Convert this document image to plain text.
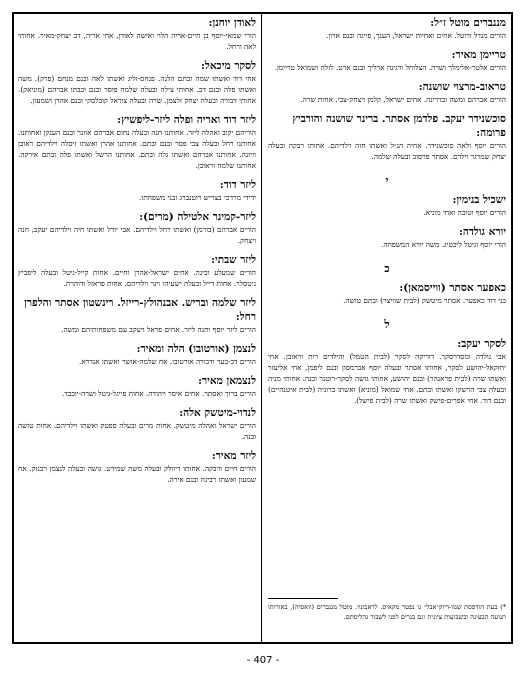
מננברים מוטל ז״ל:

הורים מנדל ורוטל. אחים ואחיות ישראל, הענך, פייגה ובנם ארון.

טריימן מאיר:

הורים אלטר-אלימלך ושרה. הצלוחל ורגינה ארליך ובנם ארט. לזלה ושמואל טריימן.

טראוב-מרצוי שושנה:

הורים אברהם ומשה ובדרינה. אחים ישראל, קלמן ויצחק-צבי. אחות שרה.

סוכשנידר יעקב. פלדמן אסתר. ברינר שושנה והורביץ פרומה:

הורים יוסף ולאה סוכשנידר. אחיה הנ״ל ואשתו חוה וילדיהם. אחותו רבקה ובעלה יצחק שמרגר וילדם. אסתר פרסוב ובעלה שלמה.

י

ישכיל בנימין:

הורים יוסף וטובה ואחי מוניא.

יורא גולדה:

הורי יוסף וגיטל ליכטיג. משה יורא המשפחה.

כ

כאפער אסתר (ווייסמאן):

בני דוד כאפער. אסתר מיטשק (לבית שוויצר) ובתם טושה.

ל

לסקר יעקב:

אבי גולדה ומסדרסקר. דוריקה לסקר (לבית הטמל) והילדים רות וראובן. אחי יחזקאל-יהושע לסקר, אחותו אסתר ובעלה יוסף אברמסון ובנם ליפמן, אחי אליעזר ואשתו שרה (לבית פראנהר) ובנם יהושע, אחותי גושה לסקר-רוטנר ובנה. אחותי מניה ובעלה צבי הרשקו ואשתו ובתם. אחי שמואל (מוניא) ואשתו ברוניה (לבית איטנהיים) ובנם דוד. אחי אפרים-פישק ואשתו שרה (לבית פישל).

לאודן יוחנן:

הורי שמאי-יוסף בן חיים-אריה הלוי ואישה לאודן, אחי אריה, דב יצחק-מאיר. אחותי לאה ורחל.

לסקר מיכאל:

אחי דוד ואשתו שמה ובתם הלנה. פנחס-זליג ואשתו לאה ובנם מנחם (פרק). משה ואשתו פלה ובנם דב. אחותי צילה ובעלה שלמה פוסר ובנם ובבתו אברהם (מוניאק). אחותי דבורה ובעלה יצחק זלצמן. שרה ובעלה צוראל קובלסקי ובנם אהרן ושמעון.

ליזר דוד ואריה ופלה ליזר-ליפשיץ:

הוריהם יקוב ואהלה ליזר. אחותנו חנה ובעלה נחום אברהם אוזנר ובנם הענקן ואחותנו. אחותנו רחל ובעלה צבי פסר ובנם ובתם. אחותנו אהרן ואשתו זיסלה וילדיהם ראובן וזיזנה. אחותנו אברהם ואשתו גלה ובתם. אחותנו הרשל ואשתו פלה ובתם אירקה. אחותנו שלמה וראובן.

ליזר דוד:

ידידי מרדכי בצריש רוטנברג ובני משפחתו.

ליזר-קמינר אלטילה (מרים):

הורים אברהם (בורמן) ואשתו רחל וילדיהם. אבי יודל ואשתו חיה וילדיהם יעקב, חנה ויצחק.

ליזר שבתי:

הורים שמעלע ובינה. אחים ישראל-אהרן וחיים. אחות קייל-גיטל ובעלה ליפביץ ניטסלר. אחות דייל ובעלה ישעיהו וינר וילדיהם. אחות פראזל ודוהרת.

ליזר שלמה ובריש. אבנהולץ-רייזל. רינשטון אסתר והלפרן רחל:

הורים ליזר יוסף וחנה ליזר. אחים פראל ויעקב עם משפחותיהם ומשה.

לנצמן (אורטובו) הלה ומאיר:

הורים דב-בער ודבורה אורטובו. אח שלמה-אושר ואשתו אנדרא.

לנצמאן מאיר:

הורים ברוך ואסתר. אחים איסר ויהודה. אחות פייגל-גיטל ושרה-יוכבד.

לנדוי-מיטשק אלה:

הורים ישראל ואהלה מיטשק. אחות מרים ובעלה ספטק ואשתו וילדיהם. אחות טושה ובנה.

ליזר מאיר:

הורים חיים ורבקה. אחותו דיוולק ובעלה משה שמידט. גושה ובעלה לנצמן רכנזק. אח שמעון ואשתו רבינה ובנם אירה.

*) בעת הודפסת שמו-דיוק״אבל״ נו נפטר מקאיס. לראבונוי. מוטל מננברים (וואסיה), באזרותו תנועה הבעינה ובשבועות ציונית וגם בנרים לפני לשבור נהליסתם.
- 407 -
